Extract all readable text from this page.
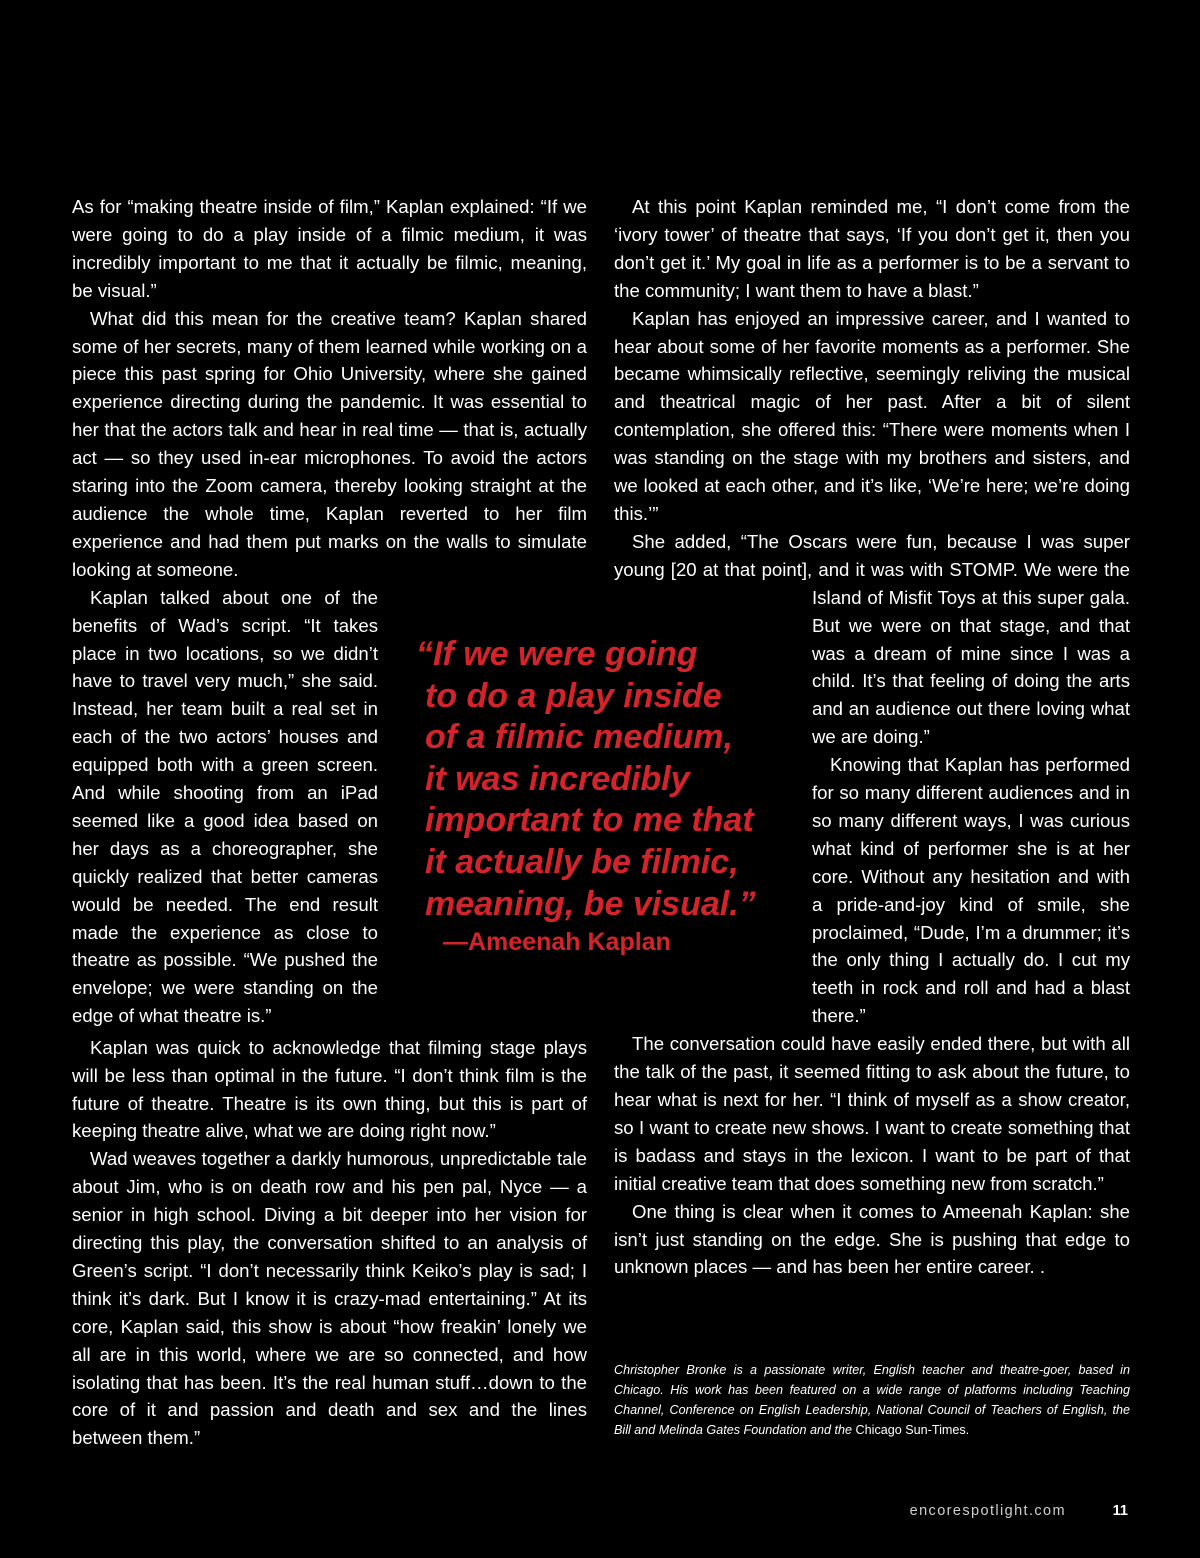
As for “making theatre inside of film,” Kaplan explained: “If we were going to do a play inside of a filmic medium, it was incredibly important to me that it actually be filmic, meaning, be visual.”

What did this mean for the creative team? Kaplan shared some of her secrets, many of them learned while working on a piece this past spring for Ohio University, where she gained experience directing during the pandemic. It was essential to her that the actors talk and hear in real time — that is, actually act — so they used in-ear microphones. To avoid the actors staring into the Zoom camera, thereby looking straight at the audience the whole time, Kaplan reverted to her film experience and had them put marks on the walls to simulate looking at someone.

Kaplan talked about one of the benefits of Wad’s script. “It takes place in two locations, so we didn’t have to travel very much,” she said. Instead, her team built a real set in each of the two actors’ houses and equipped both with a green screen. And while shooting from an iPad seemed like a good idea based on her days as a choreographer, she quickly realized that better cameras would be needed. The end result made the experience as close to theatre as possible. “We pushed the envelope; we were standing on the edge of what theatre is.”

Kaplan was quick to acknowledge that filming stage plays will be less than optimal in the future. “I don’t think film is the future of theatre. Theatre is its own thing, but this is part of keeping theatre alive, what we are doing right now.”

Wad weaves together a darkly humorous, unpredictable tale about Jim, who is on death row and his pen pal, Nyce — a senior in high school. Diving a bit deeper into her vision for directing this play, the conversation shifted to an analysis of Green’s script. “I don’t necessarily think Keiko’s play is sad; I think it’s dark. But I know it is crazy-mad entertaining.” At its core, Kaplan said, this show is about “how freakin’ lonely we all are in this world, where we are so connected, and how isolating that has been. It’s the real human stuff…down to the core of it and passion and death and sex and the lines between them.”

At this point Kaplan reminded me, “I don’t come from the ‘ivory tower’ of theatre that says, ‘If you don’t get it, then you don’t get it.’ My goal in life as a performer is to be a servant to the community; I want them to have a blast.”

Kaplan has enjoyed an impressive career, and I wanted to hear about some of her favorite moments as a performer. She became whimsically reflective, seemingly reliving the musical and theatrical magic of her past. After a bit of silent contemplation, she offered this: “There were moments when I was standing on the stage with my brothers and sisters, and we looked at each other, and it’s like, ‘We’re here; we’re doing this.’”

She added, “The Oscars were fun, because I was super young [20 at that point], and it was with STOMP. We were the Island of Misfit Toys at this super gala. But we were on that stage, and that was a dream of mine since I was a child. It’s that feeling of doing the arts and an audience out there loving what we are doing.”

Knowing that Kaplan has performed for so many different audiences and in so many different ways, I was curious what kind of performer she is at her core. Without any hesitation and with a pride-and-joy kind of smile, she proclaimed, “Dude, I’m a drummer; it’s the only thing I actually do. I cut my teeth in rock and roll and had a blast there.”

The conversation could have easily ended there, but with all the talk of the past, it seemed fitting to ask about the future, to hear what is next for her. “I think of myself as a show creator, so I want to create new shows. I want to create something that is badass and stays in the lexicon. I want to be part of that initial creative team that does something new from scratch.”

One thing is clear when it comes to Ameenah Kaplan: she isn’t just standing on the edge. She is pushing that edge to unknown places — and has been her entire career. .

“If we were going
to do a play inside
of a filmic medium,
it was incredibly
important to me that
it actually be filmic,
meaning, be visual.”
—Ameenah Kaplan
Christopher Bronke is a passionate writer, English teacher and theatre-goer, based in Chicago. His work has been featured on a wide range of platforms including Teaching Channel, Conference on English Leadership, National Council of Teachers of English, the Bill and Melinda Gates Foundation and the Chicago Sun-Times.
encorespotlight.com	11
